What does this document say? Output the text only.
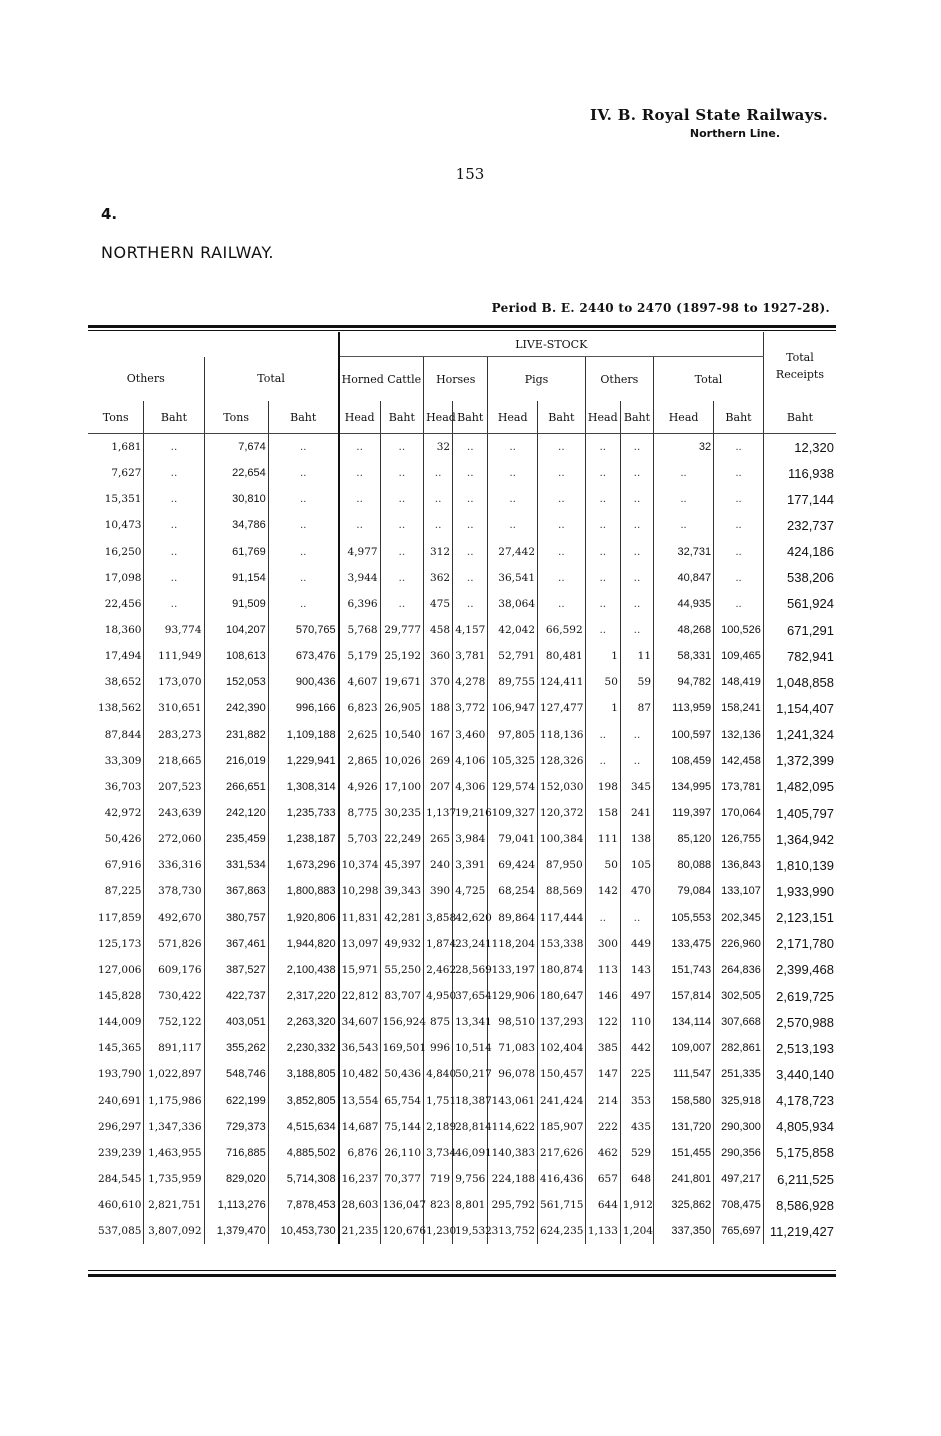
IV. B. Royal State Railways.
Northern Line.
153
4.
NORTHERN RAILWAY.
Period B. E. 2440 to 2470 (1897-98 to 1927-28).
				LIVE-STOCK										Total Receipts
Others		Total		Horned Cattle		Horses		Pigs		Others		Total		
Tons	Baht	Tons	Baht	Head	Baht	Head	Baht	Head	Baht	Head	Baht	Head	Baht	Baht
1,681	..	7,674	..	..	..	32	..	..	..	..	..	32	..	12,320
7,627	..	22,654	..	..	..	..	..	..	..	..	..	..	..	116,938
15,351	..	30,810	..	..	..	..	..	..	..	..	..	..	..	177,144
10,473	..	34,786	..	..	..	..	..	..	..	..	..	..	..	232,737
16,250	..	61,769	..	4,977	..	312	..	27,442	..	..	..	32,731	..	424,186
17,098	..	91,154	..	3,944	..	362	..	36,541	..	..	..	40,847	..	538,206
22,456	..	91,509	..	6,396	..	475	..	38,064	..	..	..	44,935	..	561,924
18,360	93,774	104,207	570,765	5,768	29,777	458	4,157	42,042	66,592	..	..	48,268	100,526	671,291
17,494	111,949	108,613	673,476	5,179	25,192	360	3,781	52,791	80,481	1	11	58,331	109,465	782,941
38,652	173,070	152,053	900,436	4,607	19,671	370	4,278	89,755	124,411	50	59	94,782	148,419	1,048,858
138,562	310,651	242,390	996,166	6,823	26,905	188	3,772	106,947	127,477	1	87	113,959	158,241	1,154,407
87,844	283,273	231,882	1,109,188	2,625	10,540	167	3,460	97,805	118,136	..	..	100,597	132,136	1,241,324
33,309	218,665	216,019	1,229,941	2,865	10,026	269	4,106	105,325	128,326	..	..	108,459	142,458	1,372,399
36,703	207,523	266,651	1,308,314	4,926	17,100	207	4,306	129,574	152,030	198	345	134,995	173,781	1,482,095
42,972	243,639	242,120	1,235,733	8,775	30,235	1,137	19,216	109,327	120,372	158	241	119,397	170,064	1,405,797
50,426	272,060	235,459	1,238,187	5,703	22,249	265	3,984	79,041	100,384	111	138	85,120	126,755	1,364,942
67,916	336,316	331,534	1,673,296	10,374	45,397	240	3,391	69,424	87,950	50	105	80,088	136,843	1,810,139
87,225	378,730	367,863	1,800,883	10,298	39,343	390	4,725	68,254	88,569	142	470	79,084	133,107	1,933,990
117,859	492,670	380,757	1,920,806	11,831	42,281	3,858	42,620	89,864	117,444	..	..	105,553	202,345	2,123,151
125,173	571,826	367,461	1,944,820	13,097	49,932	1,874	23,241	118,204	153,338	300	449	133,475	226,960	2,171,780
127,006	609,176	387,527	2,100,438	15,971	55,250	2,462	28,569	133,197	180,874	113	143	151,743	264,836	2,399,468
145,828	730,422	422,737	2,317,220	22,812	83,707	4,950	37,654	129,906	180,647	146	497	157,814	302,505	2,619,725
144,009	752,122	403,051	2,263,320	34,607	156,924	875	13,341	98,510	137,293	122	110	134,114	307,668	2,570,988
145,365	891,117	355,262	2,230,332	36,543	169,501	996	10,514	71,083	102,404	385	442	109,007	282,861	2,513,193
193,790	1,022,897	548,746	3,188,805	10,482	50,436	4,840	50,217	96,078	150,457	147	225	111,547	251,335	3,440,140
240,691	1,175,986	622,199	3,852,805	13,554	65,754	1,751	18,387	143,061	241,424	214	353	158,580	325,918	4,178,723
296,297	1,347,336	729,373	4,515,634	14,687	75,144	2,189	28,814	114,622	185,907	222	435	131,720	290,300	4,805,934
239,239	1,463,955	716,885	4,885,502	6,876	26,110	3,734	46,091	140,383	217,626	462	529	151,455	290,356	5,175,858
284,545	1,735,959	829,020	5,714,308	16,237	70,377	719	9,756	224,188	416,436	657	648	241,801	497,217	6,211,525
460,610	2,821,751	1,113,276	7,878,453	28,603	136,047	823	8,801	295,792	561,715	644	1,912	325,862	708,475	8,586,928
537,085	3,807,092	1,379,470	10,453,730	21,235	120,676	1,230	19,532	313,752	624,235	1,133	1,204	337,350	765,697	11,219,427
